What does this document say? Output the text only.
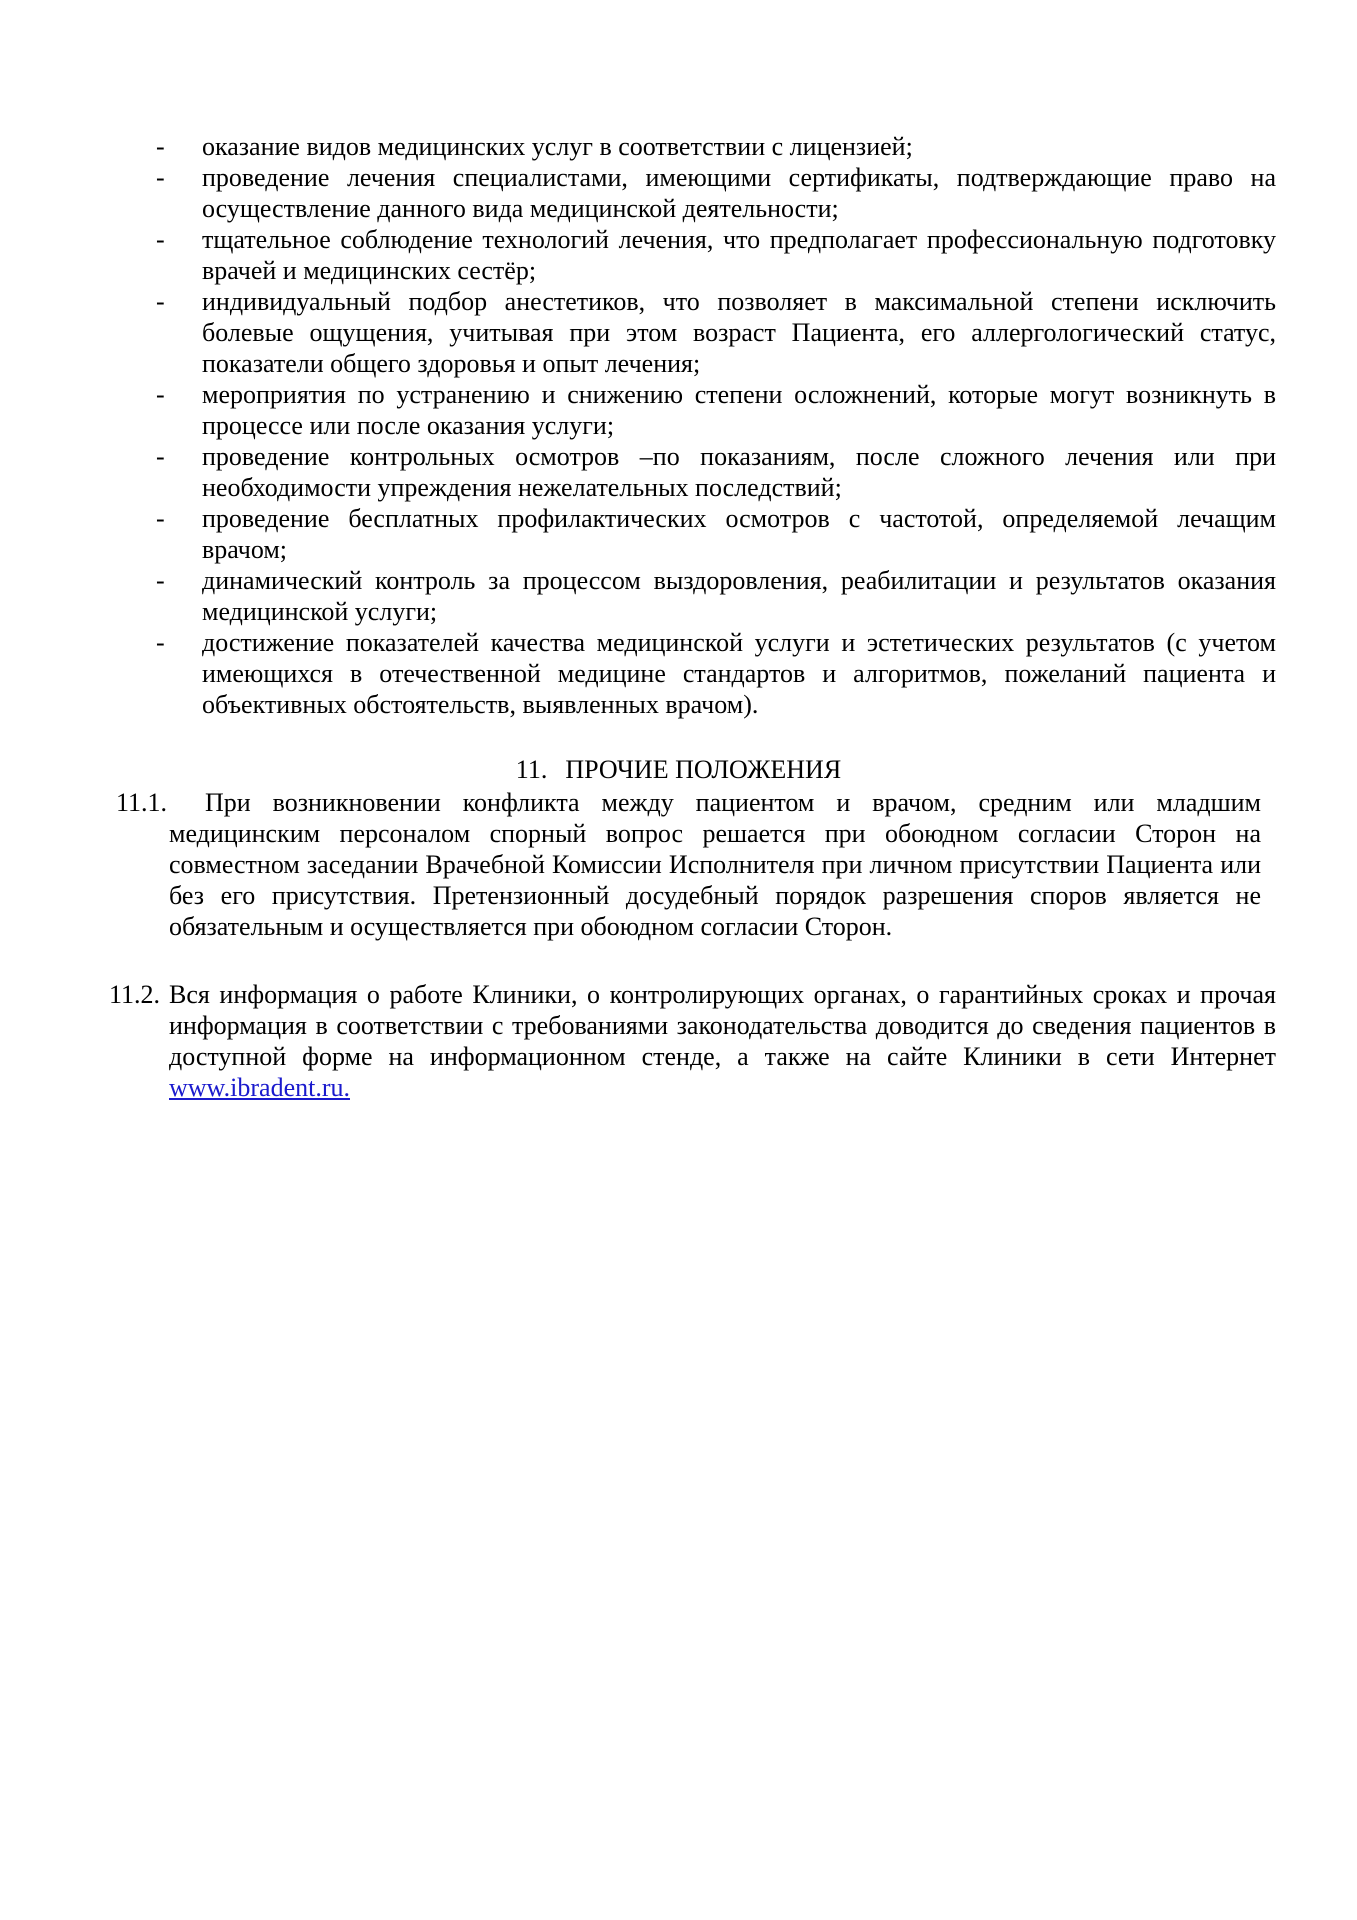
- оказание видов медицинских услуг в соответствии с лицензией;
- проведение лечения специалистами, имеющими сертификаты, подтверждающие право на осуществление данного вида медицинской деятельности;
- тщательное соблюдение технологий лечения, что предполагает профессиональную подготовку врачей и медицинских сестёр;
- индивидуальный подбор анестетиков, что позволяет в максимальной степени исключить болевые ощущения, учитывая при этом возраст Пациента, его аллергологический статус, показатели общего здоровья и опыт лечения;
- мероприятия по устранению и снижению степени осложнений, которые могут возникнуть в процессе или после оказания услуги;
- проведение контрольных осмотров –по показаниям, после сложного лечения или при необходимости упреждения нежелательных последствий;
- проведение бесплатных профилактических осмотров с частотой, определяемой лечащим врачом;
- динамический контроль за процессом выздоровления, реабилитации и результатов оказания медицинской услуги;
- достижение показателей качества медицинской услуги и эстетических результатов (с учетом имеющихся в отечественной медицине стандартов и алгоритмов, пожеланий пациента и объективных обстоятельств, выявленных врачом).
11. ПРОЧИЕ ПОЛОЖЕНИЯ
11.1.	При возникновении конфликта между пациентом и врачом, средним или младшим медицинским персоналом спорный вопрос решается при обоюдном согласии Сторон на совместном заседании Врачебной Комиссии Исполнителя при личном присутствии Пациента или без его присутствия. Претензионный досудебный порядок разрешения споров является не обязательным и осуществляется при обоюдном согласии Сторон.
11.2. Вся информация о работе Клиники, о контролирующих органах, о гарантийных сроках и прочая информация в соответствии с требованиями законодательства доводится до сведения пациентов в доступной форме на информационном стенде, а также на сайте Клиники в сети Интернет www.ibradent.ru.
